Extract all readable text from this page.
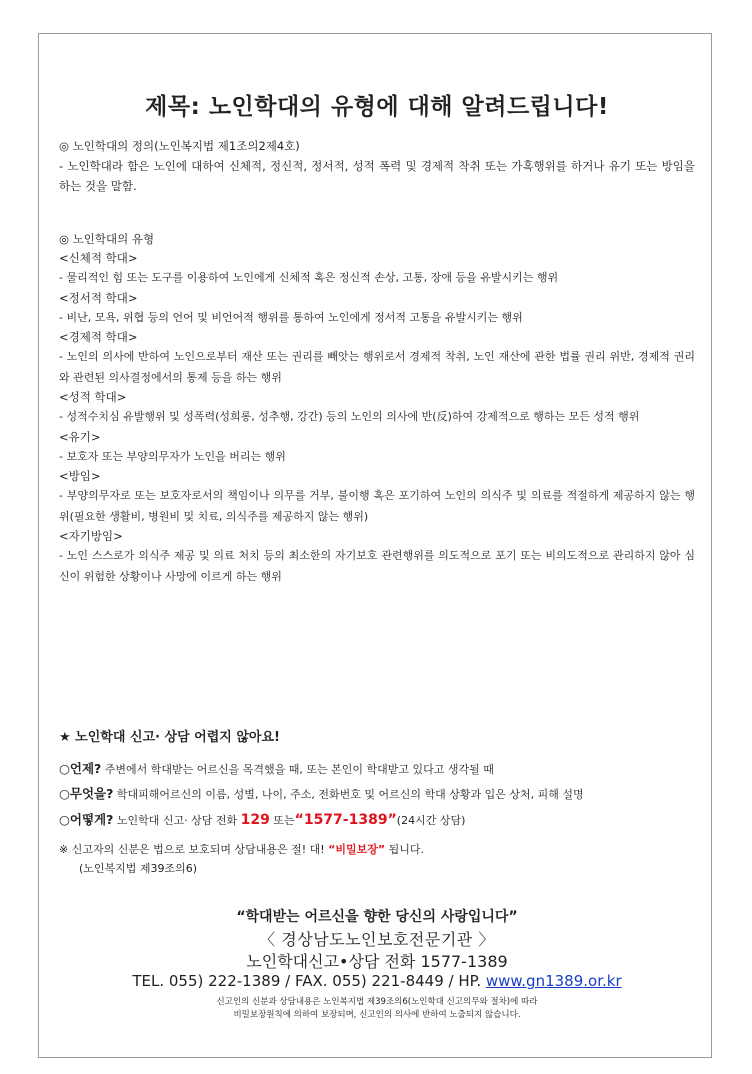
제목: 노인학대의 유형에 대해 알려드립니다!

◎ 노인학대의 정의(노인복지법 제1조의2제4호)

- 노인학대라 함은 노인에 대하여 신체적, 정신적, 정서적, 성적 폭력 및 경제적 착취 또는 가혹행위를 하거나 유기 또는 방임을 하는 것을 말함.

◎ 노인학대의 유형

<신체적 학대>

- 물리적인 힘 또는 도구를 이용하여 노인에게 신체적 혹은 정신적 손상, 고통, 장애 등을 유발시키는 행위

<정서적 학대>

- 비난, 모욕, 위협 등의 언어 및 비언어적 행위를 통하여 노인에게 정서적 고통을 유발시키는 행위

<경제적 학대>

- 노인의 의사에 반하여 노인으로부터 재산 또는 권리를 빼앗는 행위로서 경제적 착취, 노인 재산에 관한 법률 권리 위반, 경제적 권리와 관련된 의사결정에서의 통제 등을 하는 행위

<성적 학대>

- 성적수치심 유발행위 및 성폭력(성희롱, 성추행, 강간) 등의 노인의 의사에 반(反)하여 강제적으로 행하는 모든 성적 행위

<유기>

- 보호자 또는 부양의무자가 노인을 버리는 행위

<방임>

- 부양의무자로 또는 보호자로서의 책임이나 의무를 거부, 불이행 혹은 포기하여 노인의 의식주 및 의료를 적절하게 제공하지 않는 행위(필요한 생활비, 병원비 및 치료, 의식주를 제공하지 않는 행위)

<자기방임>

- 노인 스스로가 의식주 제공 및 의료 처치 등의 최소한의 자기보호 관련행위를 의도적으로 포기 또는 비의도적으로 관리하지 않아 심신이 위험한 상황이나 사망에 이르게 하는 행위

★ 노인학대 신고· 상담 어렵지 않아요!
○언제? 주변에서 학대받는 어르신을 목격했을 때, 또는 본인이 학대받고 있다고 생각될 때
○무엇을? 학대피해어르신의 이름, 성별, 나이, 주소, 전화번호 및 어르신의 학대 상황과 입은 상처, 피해 설명
○어떻게? 노인학대 신고· 상담 전화 129 또는“1577-1389”(24시간 상담)
※ 신고자의 신분은 법으로 보호되며 상담내용은 절! 대! “비밀보장” 됩니다.
(노인복지법 제39조의6)
“학대받는 어르신을 향한 당신의 사랑입니다”
〈 경상남도노인보호전문기관 〉
노인학대신고•상담 전화 1577-1389
TEL. 055) 222-1389 / FAX. 055) 221-8449 / HP. www.gn1389.or.kr
신고인의 신분과 상담내용은 노인복지법 제39조의6(노인학대 신고의무와 절차)에 따라
비밀보장원칙에 의하여 보장되며, 신고인의 의사에 반하여 노출되지 않습니다.
